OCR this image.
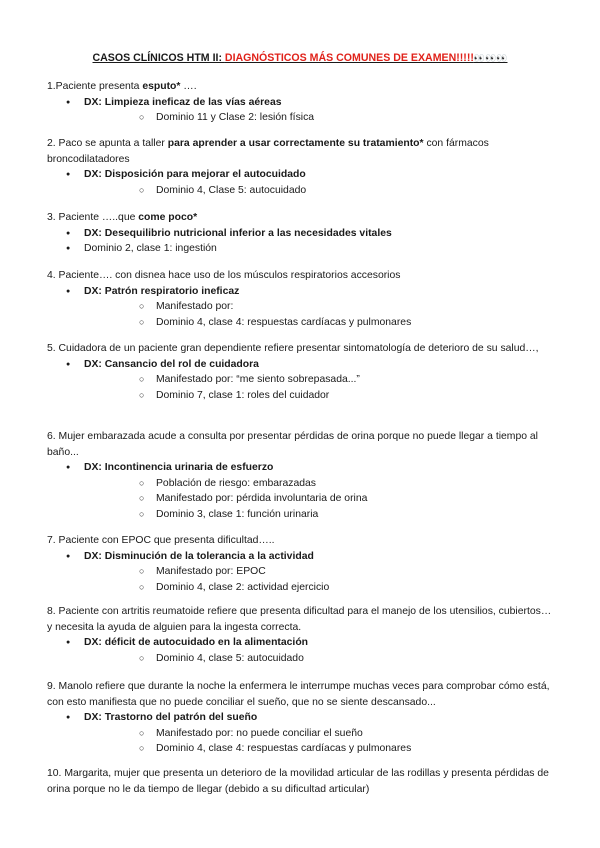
CASOS CLÍNICOS HTM II: DIAGNÓSTICOS MÁS COMUNES DE EXAMEN!!!!!👀👀👀

1.Paciente presenta esputo* ….

● DX: Limpieza ineficaz de las vías aéreas
○ Dominio 11 y Clase 2: lesión física

2. Paco se apunta a taller para aprender a usar correctamente su tratamiento* con fármacos broncodilatadores

● DX: Disposición para mejorar el autocuidado
○ Dominio 4, Clase 5: autocuidado

3. Paciente …..que come poco*

● DX: Desequilibrio nutricional inferior a las necesidades vitales
● Dominio 2, clase 1: ingestión

4. Paciente…. con disnea hace uso de los músculos respiratorios accesorios

● DX: Patrón respiratorio ineficaz
○ Manifestado por:
○ Dominio 4, clase 4: respuestas cardíacas y pulmonares

5. Cuidadora de un paciente gran dependiente refiere presentar sintomatología de deterioro de su salud…,

● DX: Cansancio del rol de cuidadora
○ Manifestado por: “me siento sobrepasada...”
○ Dominio 7, clase 1: roles del cuidador

6. Mujer embarazada acude a consulta por presentar pérdidas de orina porque no puede llegar a tiempo al baño...

● DX: Incontinencia urinaria de esfuerzo
○ Población de riesgo: embarazadas
○ Manifestado por: pérdida involuntaria de orina
○ Dominio 3, clase 1: función urinaria

7. Paciente con EPOC que presenta dificultad…..

● DX: Disminución de la tolerancia a la actividad
○ Manifestado por: EPOC
○ Dominio 4, clase 2: actividad ejercicio

8. Paciente con artritis reumatoide refiere que presenta dificultad para el manejo de los utensilios, cubiertos… y necesita la ayuda de alguien para la ingesta correcta.

● DX: déficit de autocuidado en la alimentación
○ Dominio 4, clase 5: autocuidado

9. Manolo refiere que durante la noche la enfermera le interrumpe muchas veces para comprobar cómo está, con esto manifiesta que no puede conciliar el sueño, que no se siente descansado...

● DX: Trastorno del patrón del sueño
○ Manifestado por: no puede conciliar el sueño
○ Dominio 4, clase 4: respuestas cardíacas y pulmonares

10. Margarita, mujer que presenta un deterioro de la movilidad articular de las rodillas y presenta pérdidas de orina porque no le da tiempo de llegar (debido a su dificultad articular)
